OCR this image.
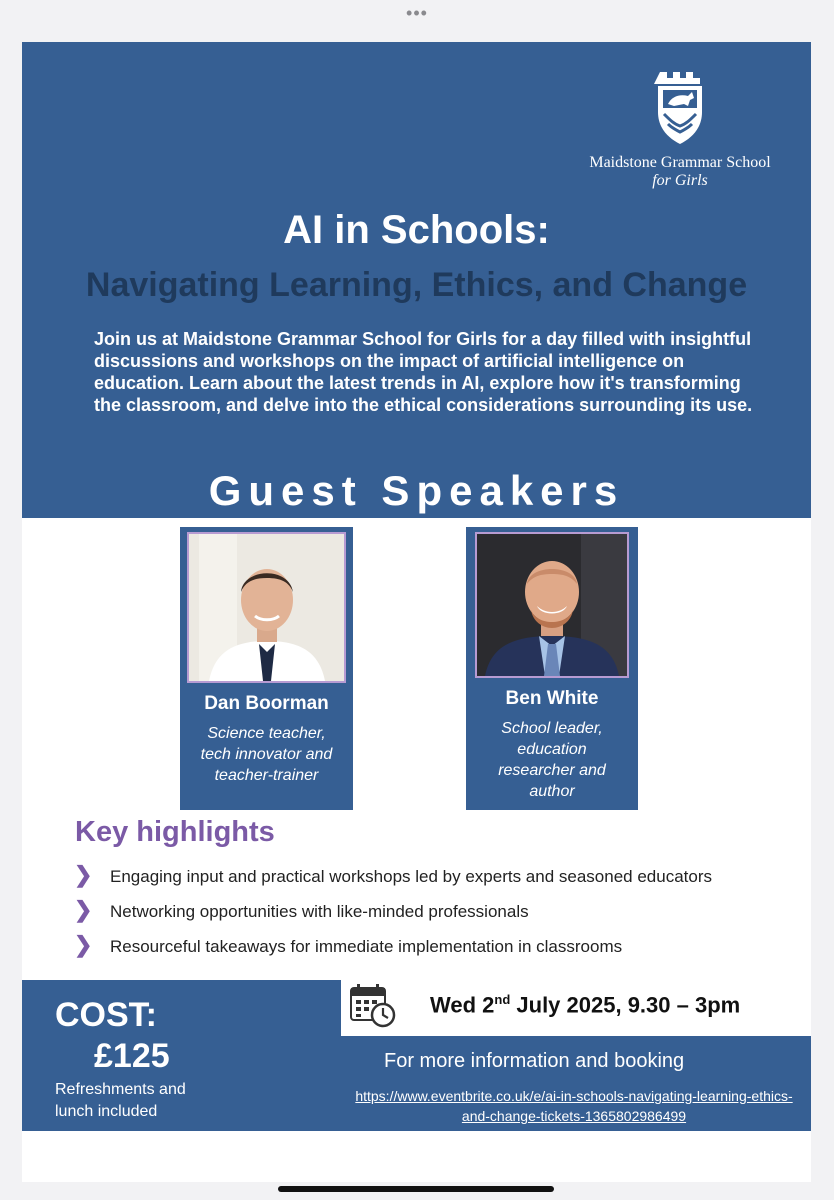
•••
Maidstone Grammar School
for Girls
AI in Schools:
Navigating Learning, Ethics, and Change
Join us at Maidstone Grammar School for Girls for a day filled with insightful discussions and workshops on the impact of artificial intelligence on education. Learn about the latest trends in AI, explore how it's transforming the classroom, and delve into the ethical considerations surrounding its use.
Guest Speakers
Dan Boorman
Science teacher, tech innovator and teacher-trainer
Ben White
School leader, education researcher and author
Key highlights
❯ Engaging input and practical workshops led by experts and seasoned educators
❯ Networking opportunities with like-minded professionals
❯ Resourceful takeaways for immediate implementation in classrooms
COST:
£125
Refreshments and lunch included
Wed 2nd July 2025, 9.30 – 3pm
For more information and booking
https://www.eventbrite.co.uk/e/ai-in-schools-navigating-learning-ethics-and-change-tickets-1365802986499
